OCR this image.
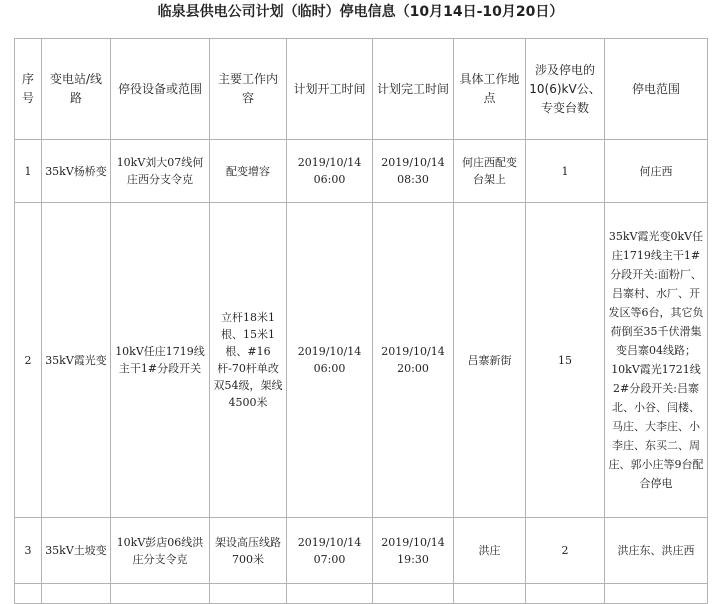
临泉县供电公司计划（临时）停电信息（10月14日-10月20日）
序号	变电站/线路	停役设备或范围	主要工作内容	计划开工时间	计划完工时间	具体工作地点	涉及停电的10(6)kV公、专变台数	停电范围
1	35kV杨桥变	10kV刘大07线何庄西分支令克	配变增容	2019/10/14 06:00	2019/10/14 08:30	何庄西配变台架上	1	何庄西
2	35kV霞光变	10kV任庄1719线主干1#分段开关	立杆18米1根、15米1根、#16杆-70杆单改双54级，架线4500米	2019/10/14 06:00	2019/10/14 20:00	吕寨新街	15	35kV霞光变0kV任庄1719线主干1#分段开关:面粉厂、吕寨村、水厂、开发区等6台，其它负荷倒至35千伏滑集变吕寨04线路；10kV霞光1721线2#分段开关:吕寨北、小谷、闫楼、马庄、大李庄、小李庄、东买二、周庄、郭小庄等9台配合停电
3	35kV土坡变	10kV彭店06线洪庄分支令克	架设高压线路700米	2019/10/14 07:00	2019/10/14 19:30	洪庄	2	洪庄东、洪庄西
